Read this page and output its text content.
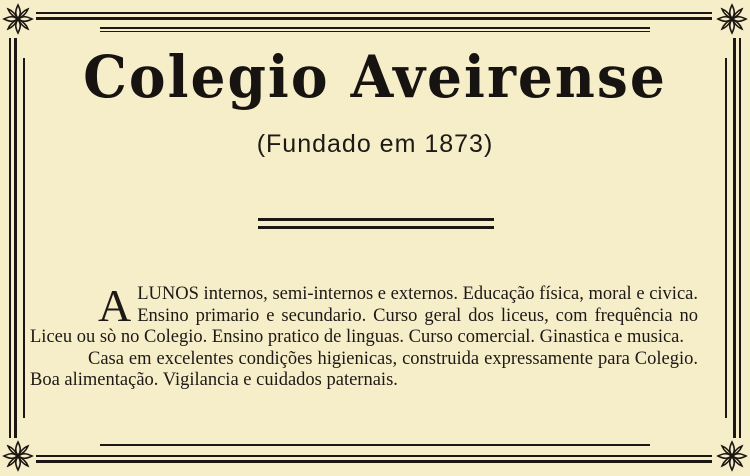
Colegio Aveirense
(Fundado em 1873)

ALUNOS internos, semi-internos e externos. Educação física, moral e civica. Ensino primario e secundario. Curso geral dos liceus, com frequência no Liceu ou sò no Colegio. Ensino pratico de linguas. Curso comercial. Ginastica e musica.

Casa em excelentes condições higienicas, construida expressamente para Colegio. Boa alimentação. Vigilancia e cuidados paternais.
